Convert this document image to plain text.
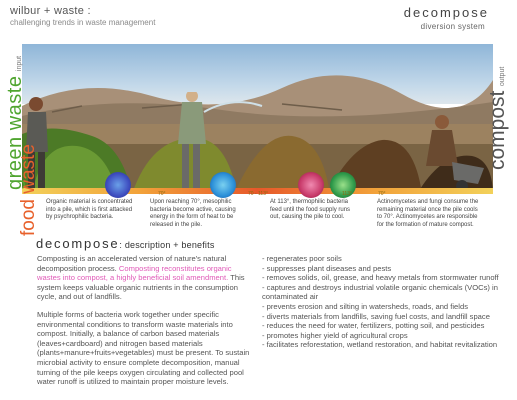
wilbur + waste :
challenging trends in waste management
decompose
diversion system
70°	70 - 113°	113°	70°
green waste input
food waste
compost output
Organic material is concentrated into a pile, which is first attacked by psychrophilic bacteria.
Upon reaching 70°, mesophilic bacteria become active, causing energy in the form of heat to be released in the pile.
At 113°, thermophilic bacteria feed until the food supply runs out, causing the pile to cool.
Actinomycetes and fungi consume the remaining material once the pile cools to 70°. Actinomycetes are responsible for the formation of mature compost.
decompose: description + benefits
Composting is an accelerated version of nature's natural decomposition process. Composting reconstitutes organic wastes into compost, a highly beneficial soil amendment. This system keeps valuable organic nutrients in the consumption cycle, and out of landfills.
Multiple forms of bacteria work together under specific environmental conditions to transform waste materials into compost. Initially, a balance of carbon based materials (leaves+cardboard) and nitrogen based materials (plants+manure+fruits+vegetables) must be present. To sustain microbial activity to ensure complete decomposition, manual turning of the pile keeps oxygen circulating and collected pool water runoff is utilized to maintain proper moisture levels.
- regenerates poor soils
- suppresses plant diseases and pests
- removes solids, oil, grease, and heavy metals from stormwater runoff
- captures and destroys industrial volatile organic chemicals (VOCs) in contaminated air
- prevents erosion and silting in watersheds, roads, and fields
- diverts materials from landfills, saving fuel costs, and landfill space
- reduces the need for water, fertilizers, potting soil, and pesticides
- promotes higher yield of agricultural crops
- facilitates reforestation, wetland restoration, and habitat revitalization
